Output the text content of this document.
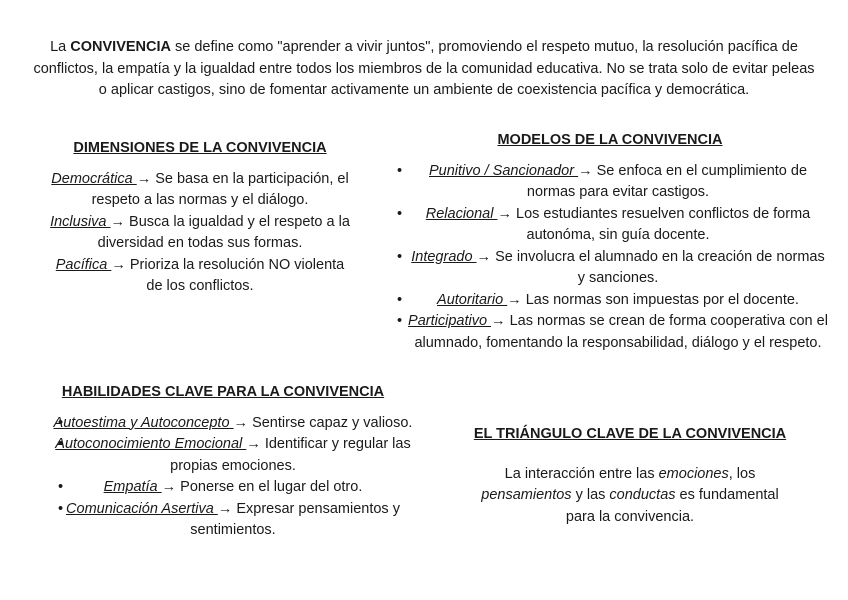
La CONVIVENCIA se define como "aprender a vivir juntos", promoviendo el respeto mutuo, la resolución pacífica de conflictos, la empatía y la igualdad entre todos los miembros de la comunidad educativa. No se trata solo de evitar peleas o aplicar castigos, sino de fomentar activamente un ambiente de coexistencia pacífica y democrática.
DIMENSIONES DE LA CONVIVENCIA
Democrática → Se basa en la participación, el respeto a las normas y el diálogo.
Inclusiva → Busca la igualdad y el respeto a la diversidad en todas sus formas.
Pacífica → Prioriza la resolución NO violenta de los conflictos.
MODELOS DE LA CONVIVENCIA
• Punitivo / Sancionador → Se enfoca en el cumplimiento de normas para evitar castigos.
• Relacional → Los estudiantes resuelven conflictos de forma autonóma, sin guía docente.
• Integrado → Se involucra el alumnado en la creación de normas y sanciones.
• Autoritario → Las normas son impuestas por el docente.
• Participativo → Las normas se crean de forma cooperativa con el alumnado, fomentando la responsabilidad, diálogo y el respeto.
HABILIDADES CLAVE PARA LA CONVIVENCIA
• Autoestima y Autoconcepto → Sentirse capaz y valioso.
• Autoconocimiento Emocional → Identificar y regular las propias emociones.
• Empatía → Ponerse en el lugar del otro.
• Comunicación Asertiva → Expresar pensamientos y sentimientos.
EL TRIÁNGULO CLAVE DE LA CONVIVENCIA
La interacción entre las emociones, los pensamientos y las conductas es fundamental para la convivencia.
